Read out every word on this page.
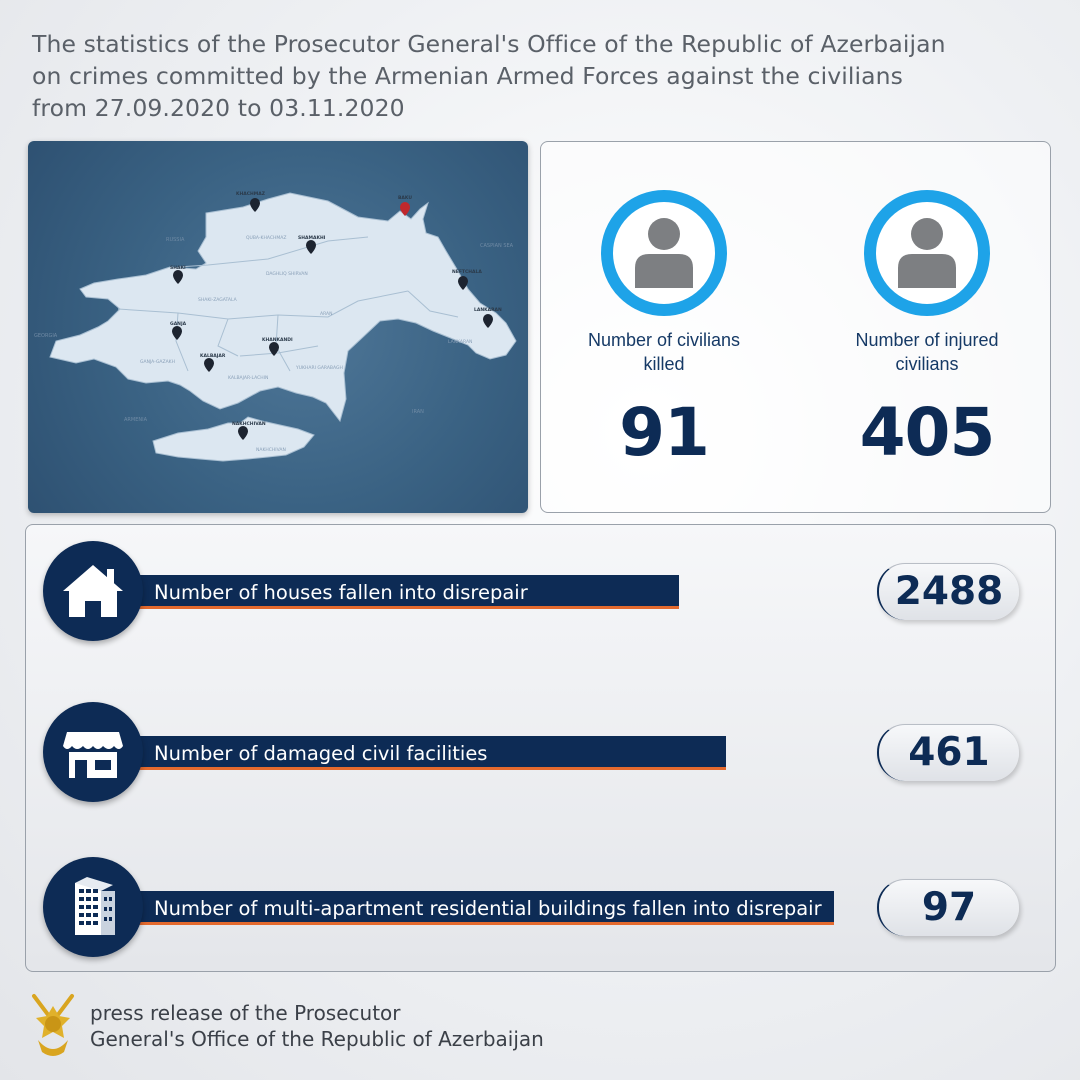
The statistics of the Prosecutor General's Office of the Republic of Azerbaijan
on crimes committed by the Armenian Armed Forces against the civilians
from 27.09.2020 to 03.11.2020
RUSSIA
GEORGIA
ARMENIA
IRAN
CASPIAN SEA
QUBA-KHACHMAZ
SHAKI-ZAGATALA
DAGHLIQ SHIRVAN
ARAN
GANJA-GAZAKH
KALBAJAR-LACHIN
YUKHARI GARABAGH
LANKARAN
NAKHCHIVAN
KHACHMAZ
BAKU
SHAMAKHI
SHAKI
NEFTCHALA
LANKARAN
GANJA
KALBAJAR
KHANKANDI
NAKHCHIVAN
Number of civilians
killed
91
Number of injured
civilians
405
Number of houses fallen into disrepair	2488
Number of damaged civil facilities	461
Number of multi-apartment residential buildings fallen into disrepair	97
press release of the Prosecutor
General's Office of the Republic of Azerbaijan
